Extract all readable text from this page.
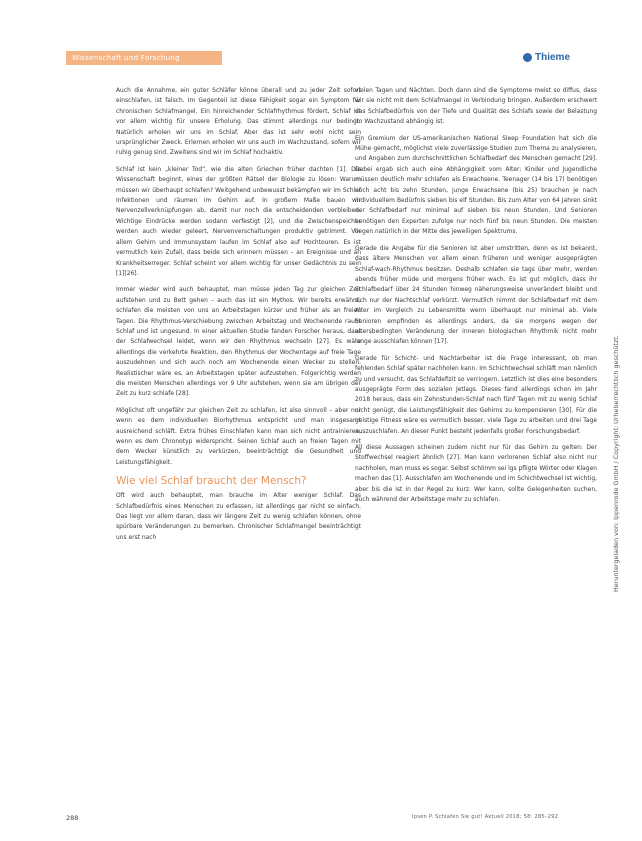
Wissenschaft und Forschung	Thieme

Auch die Annahme, ein guter Schläfer könne überall und zu jeder Zeit sofort einschlafen, ist falsch. Im Gegenteil ist diese Fähigkeit sogar ein Symptom für chronischen Schlafmangel. Ein hinreichender Schlafrhythmus fördert, Schlaf ist vor allem wichtig für unsere Erholung. Das stimmt allerdings nur bedingt. Natürlich erholen wir uns im Schlaf. Aber das ist sehr wohl nicht sein ursprünglicher Zweck. Erlernen erholen wir uns auch im Wachzustand, sofern wir ruhig genug sind. Zweitens sind wir im Schlaf hochaktiv.

Schlaf ist kein „kleiner Tod“, wie die alten Griechen früher dachten [1]. Die Wissenschaft beginnt, eines der größten Rätsel der Biologie zu lösen: Warum müssen wir überhaupt schlafen? Weitgehend unbewusst bekämpfen wir im Schlaf Infektionen und räumen im Gehirn auf. In großem Maße bauen wir Nervenzellverknüpfungen ab, damit nur noch die entscheidenden verbleiben. Wichtige Eindrücke werden sodann verfestigt [2], und die Zwischenspeicher werden auch wieder geleert, Nervenverschaltungen produktiv getrimmt. Vor allem Gehirn und Immunsystem laufen im Schlaf also auf Hochtouren. Es ist vermutlich kein Zufall, dass beide sich erinnern müssen – an Ereignisse und an Krankheitserreger. Schlaf scheint vor allem wichtig für unser Gedächtnis zu sein [1][26].

Immer wieder wird auch behauptet, man müsse jeden Tag zur gleichen Zeit aufstehen und zu Bett gehen – auch das ist ein Mythos. Wir bereits erwähnt, schlafen die meisten von uns an Arbeitstagen kürzer und früher als an freien Tagen. Die Rhythmus-Verschiebung zwischen Arbeitstag und Wochenende raubt Schlaf und ist ungesund. In einer aktuellen Studie fanden Forscher heraus, dass der Schlafwechsel leidet, wenn wir den Rhythmus wechseln [27]. Es wäre allerdings die verkehrte Reaktion, den Rhythmus der Wochentage auf freie Tage auszudehnen und sich auch noch am Wochenende einen Wecker zu stellen. Realistischer wäre es, an Arbeitstagen später aufzustehen. Folgerichtig werden die meisten Menschen allerdings vor 9 Uhr aufstehen, wenn sie am übrigen der Zeit zu kurz schlafe [28].

Möglichst oft ungefähr zur gleichen Zeit zu schlafen, ist also sinnvoll – aber nur wenn es dem individuellen Biorhythmus entspricht und man insgesamt ausreichend schläft. Extra frühes Einschlafen kann man sich nicht antrainieren, wenn es dem Chronotyp widerspricht. Seinen Schlaf auch an freien Tagen mit dem Wecker künstlich zu verkürzen, beeinträchtigt die Gesundheit und Leistungsfähigkeit.

Wie viel Schlaf braucht der Mensch?

Oft wird auch behauptet, man brauche im Alter weniger Schlaf. Das Schlafbedürfnis eines Menschen zu erfassen, ist allerdings gar nicht so einfach. Das liegt vor allem daran, dass wir längere Zeit zu wenig schlafen können, ohne spürbare Veränderungen zu bemerken. Chronischer Schlafmangel beeinträchtigt uns erst nach

vielen Tagen und Nächten. Doch dann sind die Symptome meist so diffus, dass wir sie nicht mit dem Schlafmangel in Verbindung bringen. Außerdem erschwert das Schlafbedürfnis von der Tiefe und Qualität des Schlafs sowie der Belastung im Wachzustand abhängig ist.

Ein Gremium der US-amerikanischen National Sleep Foundation hat sich die Mühe gemacht, möglichst viele zuverlässige Studien zum Thema zu analysieren, und Angaben zum durchschnittlichen Schlafbedarf des Menschen gemacht [29]. Dabei ergab sich auch eine Abhängigkeit vom Alter: Kinder und Jugendliche müssen deutlich mehr schlafen als Erwachsene. Teenager (14 bis 17) benötigen noch acht bis zehn Stunden, junge Erwachsene (bis 25) brauchen je nach individuellem Bedürfnis sieben bis elf Stunden. Bis zum Alter von 64 Jahren sinkt der Schlafbedarf nur minimal auf sieben bis neun Stunden. Und Senioren benötigen den Experten zufolge nur noch fünf bis neun Stunden. Die meisten liegen natürlich in der Mitte des jeweiligen Spektrums.

Gerade die Angabe für die Senioren ist aber umstritten, denn es ist bekannt, dass ältere Menschen vor allem einen früheren und weniger ausgeprägten Schlaf-wach-Rhythmus besitzen. Deshalb schlafen sie tags über mehr, werden abends früher müde und morgens früher wach. Es ist gut möglich, dass ihr Schlafbedarf über 24 Stunden hinweg näherungsweise unverändert bleibt und sich nur der Nachtschlaf verkürzt. Vermutlich nimmt der Schlafbedarf mit dem Alter im Vergleich zu Lebensmitte wenn überhaupt nur minimal ab. Viele Senioren empfinden es allerdings anders, da sie morgens wegen der altersbedingten Veränderung der inneren biologischen Rhythmik nicht mehr lange ausschlafen können [17].

Gerade für Schicht- und Nachtarbeiter ist die Frage interessant, ob man fehlenden Schlaf später nachholen kann. Im Schichtwechsel schläft man nämlich zu und versucht, das Schlafdefizit so verringern. Letztlich ist dies eine besonders ausgeprägte Form des sozialen Jetlags. Dieses fand allerdings schon im Jahr 2018 heraus, dass ein Zehnstunden-Schlaf nach fünf Tagen mit zu wenig Schlaf nicht genügt, die Leistungsfähigkeit des Gehirns zu kompensieren [30]. Für die geistige Fitness wäre es vermutlich besser, viele Tage zu arbeiten und drei Tage auszuschlafen. An dieser Punkt besteht jedenfalls großer Forschungsbedarf.

All diese Aussagen scheinen zudem nicht nur für das Gehirn zu gelten: Der Stoffwechsel reagiert ähnlich [27]. Man kann verlorenen Schlaf also nicht nur nachholen, man muss es sogar. Selbst schlimm sei lgs pfligte Wörter oder Klagen machen das [1]. Ausschlafen am Wochenende und im Schichtwechsel ist wichtig, aber bis die ist in der Regel zu kurz. Wer kann, sollte Gelegenheiten suchen, auch während der Arbeitstage mehr zu schlafen.	Heruntergeladen von: Ippenrode GmbH / Copyright: Urheberrechtlich geschützt.
288	Ipsen P. Schlafen Sie gut! Aktuell 2018; 58: 285–292
